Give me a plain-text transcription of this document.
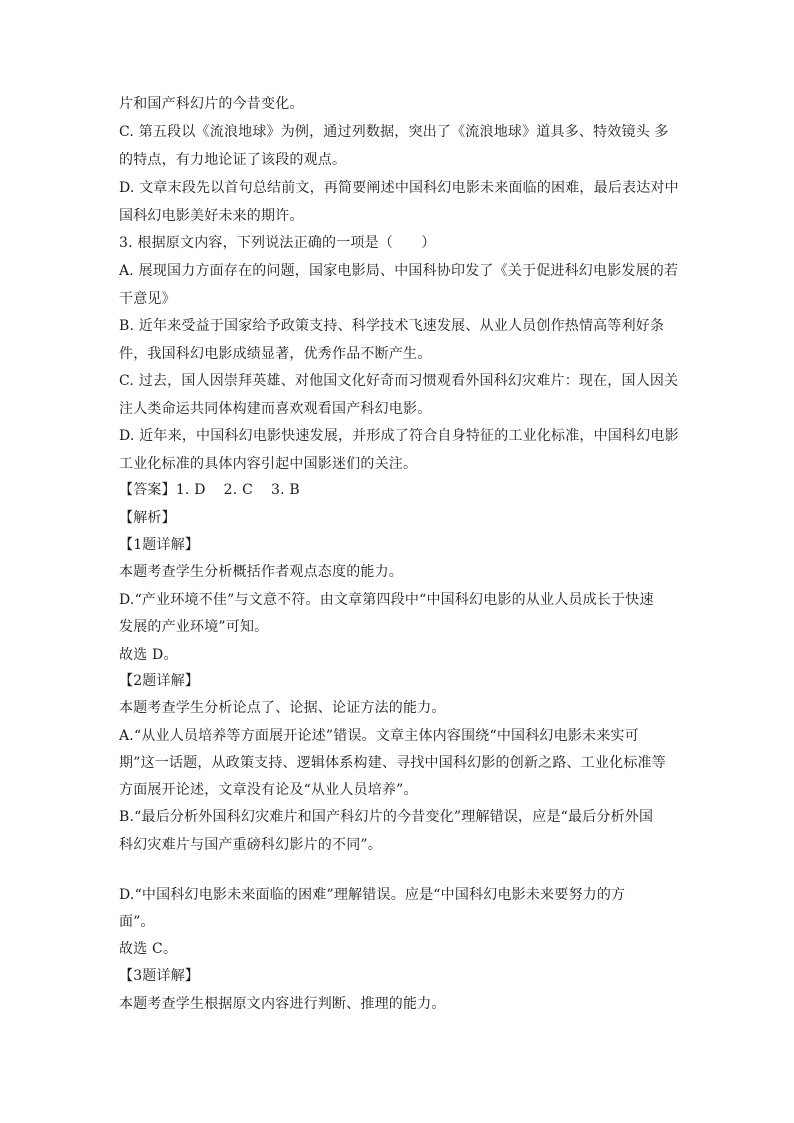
片和国产科幻片的今昔变化。
C. 第五段以《流浪地球》为例，通过列数据，突出了《流浪地球》道具多、特效镜头 多
的特点，有力地论证了该段的观点。
D. 文章末段先以首句总结前文，再简要阐述中国科幻电影未来面临的困难，最后表达对中
国科幻电影美好未来的期许。
3. 根据原文内容，下列说法正确的一项是（　　）
A. 展现国力方面存在的问题，国家电影局、中国科协印发了《关于促进科幻电影发展的若
干意见》
B. 近年来受益于国家给予政策支持、科学技术飞速发展、从业人员创作热情高等利好条
件，我国科幻电影成绩显著，优秀作品不断产生。
C. 过去，国人因崇拜英雄、对他国文化好奇而习惯观看外国科幻灾难片：现在，国人因关
注人类命运共同体构建而喜欢观看国产科幻电影。
D. 近年来，中国科幻电影快速发展，并形成了符合自身特征的工业化标准，中国科幻电影
工业化标准的具体内容引起中国影迷们的关注。
【答案】1. D 2. C 3. B
【解析】
【1题详解】
本题考查学生分析概括作者观点态度的能力。
D.“产业环境不佳”与文意不符。由文章第四段中“中国科幻电影的从业人员成长于快速
发展的产业环境”可知。
故选 D。
【2题详解】
本题考查学生分析论点了、论据、论证方法的能力。
A.“从业人员培养等方面展开论述”错误。文章主体内容围绕“中国科幻电影未来实可
期”这一话题，从政策支持、逻辑体系构建、寻找中国科幻影的创新之路、工业化标准等
方面展开论述，文章没有论及“从业人员培养”。
B.“最后分析外国科幻灾难片和国产科幻片的今昔变化”理解错误，应是“最后分析外国
科幻灾难片与国产重磅科幻影片的不同”。
D.“中国科幻电影未来面临的困难”理解错误。应是“中国科幻电影未来要努力的方
面”。
故选 C。
【3题详解】
本题考查学生根据原文内容进行判断、推理的能力。
